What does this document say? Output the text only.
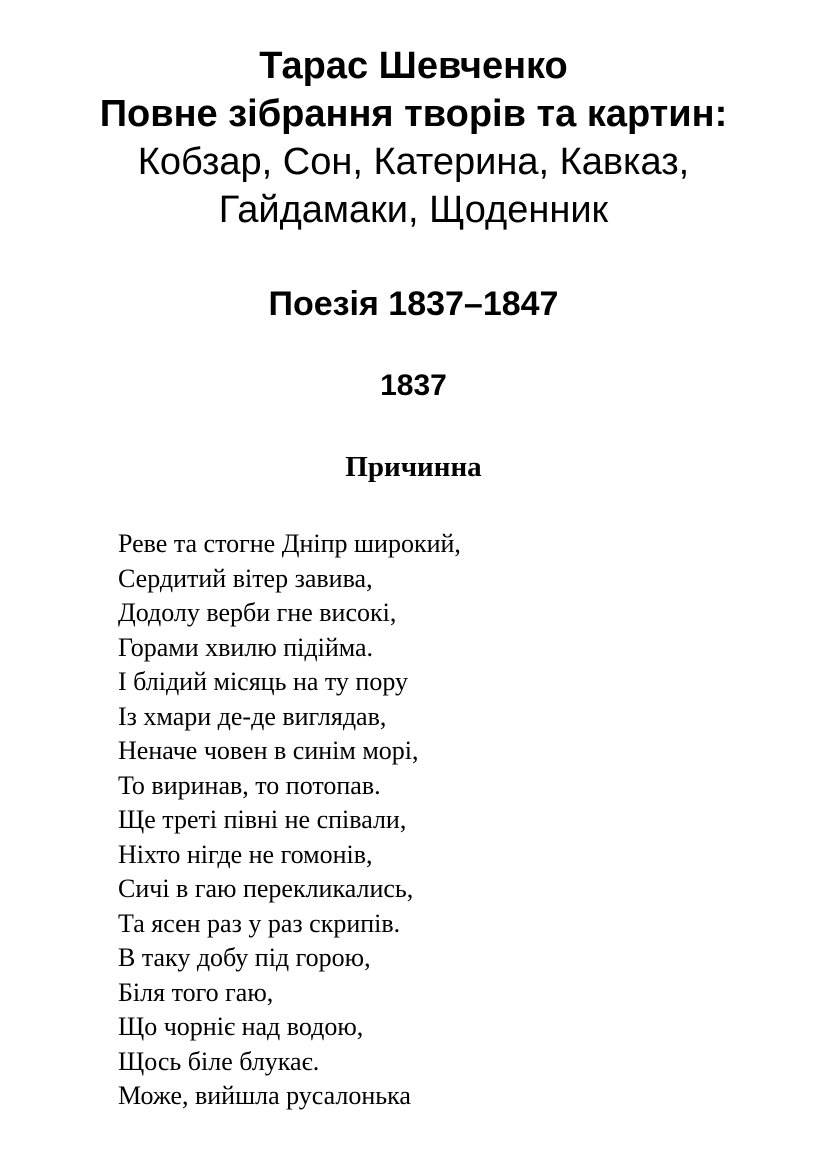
Тарас Шевченко
Повне зібрання творів та картин:
Кобзар, Сон, Катерина, Кавказ,
Гайдамаки, Щоденник
Поезія 1837–1847
1837
Причинна
Реве та стогне Дніпр широкий,
Сердитий вітер завива,
Додолу верби гне високі,
Горами хвилю підійма.
І блідий місяць на ту пору
Із хмари де-де виглядав,
Неначе човен в синім морі,
То виринав, то потопав.
Ще треті півні не співали,
Ніхто нігде не гомонів,
Сичі в гаю перекликались,
Та ясен раз у раз скрипів.
В таку добу під горою,
Біля того гаю,
Що чорніє над водою,
Щось біле блукає.
Може, вийшла русалонька
